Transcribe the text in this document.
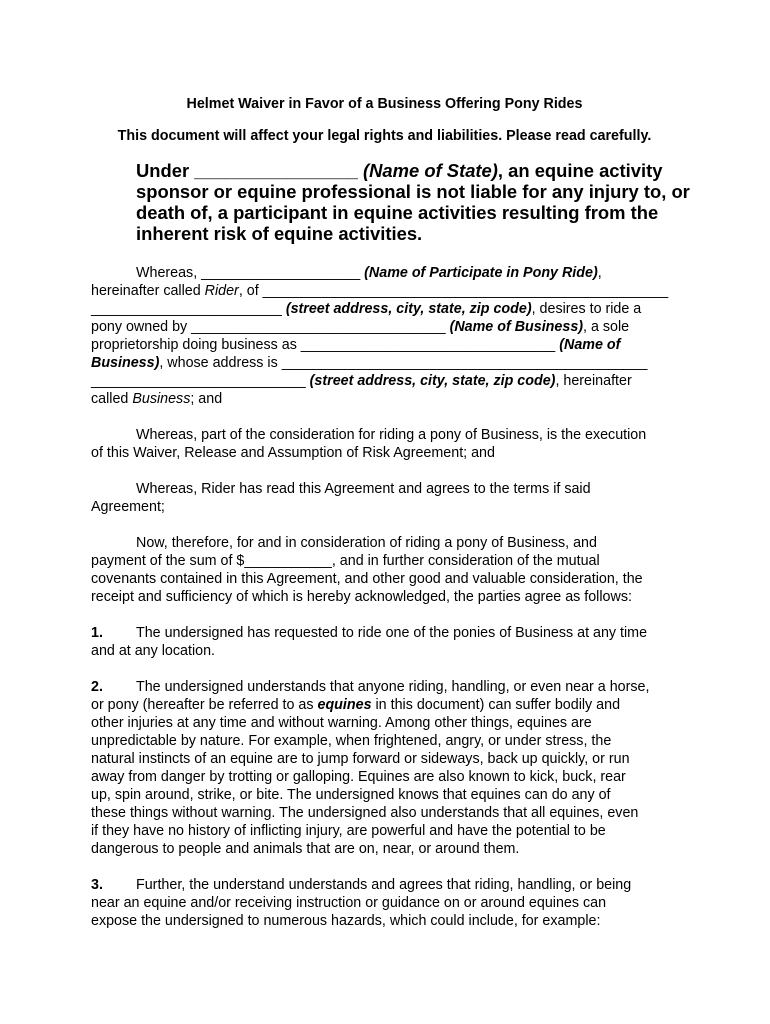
Helmet Waiver in Favor of a Business Offering Pony Rides

This document will affect your legal rights and liabilities. Please read carefully.

Under ________________ (Name of State), an equine activity
sponsor or equine professional is not liable for any injury to, or
death of, a participant in equine activities resulting from the
inherent risk of equine activities.
Whereas, ____________________ (Name of Participate in Pony Ride),
hereinafter called Rider, of ___________________________________________________
________________________ (street address, city, state, zip code), desires to ride a
pony owned by ________________________________ (Name of Business), a sole
proprietorship doing business as ________________________________ (Name of
Business), whose address is ______________________________________________
___________________________ (street address, city, state, zip code), hereinafter
called Business; and
Whereas, part of the consideration for riding a pony of Business, is the execution
of this Waiver, Release and Assumption of Risk Agreement; and
Whereas, Rider has read this Agreement and agrees to the terms if said
Agreement;
Now, therefore, for and in consideration of riding a pony of Business, and
payment of the sum of $___________, and in further consideration of the mutual
covenants contained in this Agreement, and other good and valuable consideration, the
receipt and sufficiency of which is hereby acknowledged, the parties agree as follows:
1. The undersigned has requested to ride one of the ponies of Business at any time
and at any location.
2. The undersigned understands that anyone riding, handling, or even near a horse,
or pony (hereafter be referred to as equines in this document) can suffer bodily and
other injuries at any time and without warning. Among other things, equines are
unpredictable by nature. For example, when frightened, angry, or under stress, the
natural instincts of an equine are to jump forward or sideways, back up quickly, or run
away from danger by trotting or galloping. Equines are also known to kick, buck, rear
up, spin around, strike, or bite. The undersigned knows that equines can do any of
these things without warning. The undersigned also understands that all equines, even
if they have no history of inflicting injury, are powerful and have the potential to be
dangerous to people and animals that are on, near, or around them.
3. Further, the understand understands and agrees that riding, handling, or being
near an equine and/or receiving instruction or guidance on or around equines can
expose the undersigned to numerous hazards, which could include, for example:
